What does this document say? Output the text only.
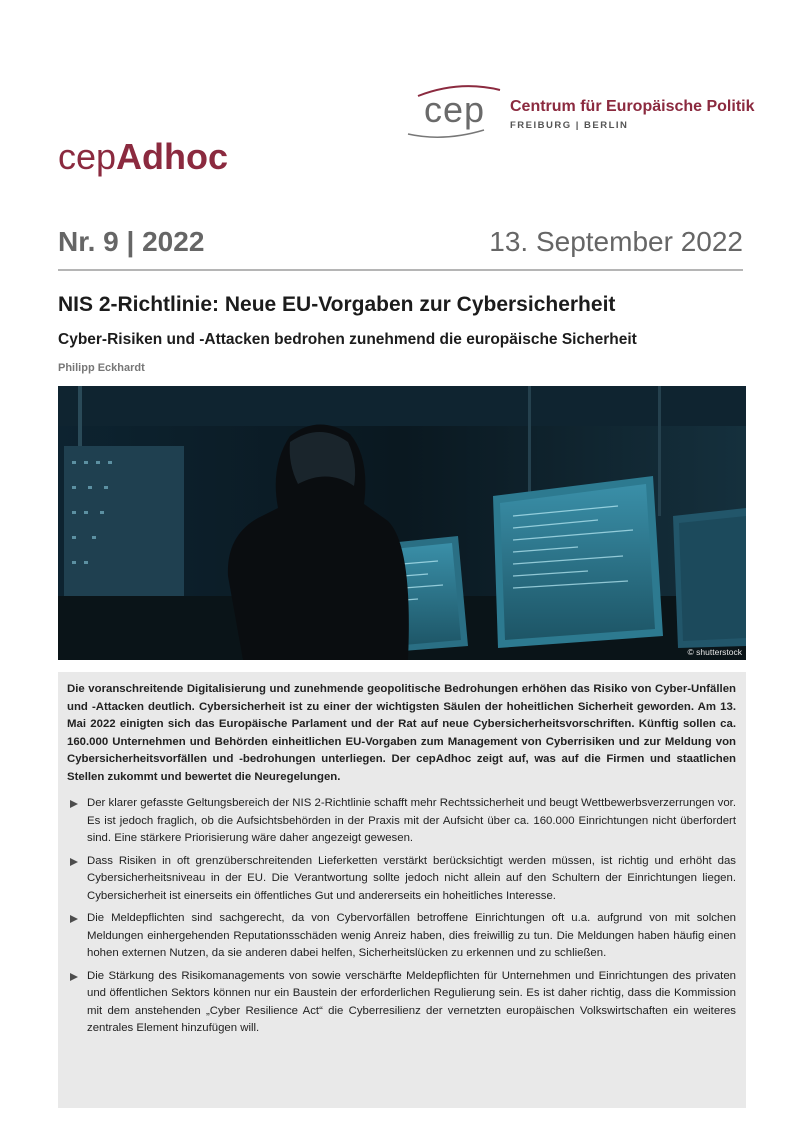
cep Centrum für Europäische Politik
FREIBURG | BERLIN
cepAdhoc
Nr. 9 | 2022	13. September 2022
NIS 2-Richtlinie: Neue EU-Vorgaben zur Cybersicherheit
Cyber-Risiken und -Attacken bedrohen zunehmend die europäische Sicherheit
Philipp Eckhardt
© shutterstock

Die voranschreitende Digitalisierung und zunehmende geopolitische Bedrohungen erhöhen das Risiko von Cyber-Unfällen und -Attacken deutlich. Cybersicherheit ist zu einer der wichtigsten Säulen der hoheitlichen Sicherheit geworden. Am 13. Mai 2022 einigten sich das Europäische Parlament und der Rat auf neue Cybersicherheitsvorschriften. Künftig sollen ca. 160.000 Unternehmen und Behörden einheitlichen EU-Vorgaben zum Management von Cyberrisiken und zur Meldung von Cybersicherheitsvorfällen und -bedrohungen unterliegen. Der cepAdhoc zeigt auf, was auf die Firmen und staatlichen Stellen zukommt und bewertet die Neuregelungen.

Der klarer gefasste Geltungsbereich der NIS 2-Richtlinie schafft mehr Rechtssicherheit und beugt Wettbewerbsverzerrungen vor. Es ist jedoch fraglich, ob die Aufsichtsbehörden in der Praxis mit der Aufsicht über ca. 160.000 Einrichtungen nicht überfordert sind. Eine stärkere Priorisierung wäre daher angezeigt gewesen.
Dass Risiken in oft grenzüberschreitenden Lieferketten verstärkt berücksichtigt werden müssen, ist richtig und erhöht das Cybersicherheitsniveau in der EU. Die Verantwortung sollte jedoch nicht allein auf den Schultern der Einrichtungen liegen. Cybersicherheit ist einerseits ein öffentliches Gut und andererseits ein hoheitliches Interesse.
Die Meldepflichten sind sachgerecht, da von Cybervorfällen betroffene Einrichtungen oft u.a. aufgrund von mit solchen Meldungen einhergehenden Reputationsschäden wenig Anreiz haben, dies freiwillig zu tun. Die Meldungen haben häufig einen hohen externen Nutzen, da sie anderen dabei helfen, Sicherheitslücken zu erkennen und zu schließen.
Die Stärkung des Risikomanagements von sowie verschärfte Meldepflichten für Unternehmen und Einrichtungen des privaten und öffentlichen Sektors können nur ein Baustein der erforderlichen Regulierung sein. Es ist daher richtig, dass die Kommission mit dem anstehenden „Cyber Resilience Act“ die Cyberresilienz der vernetzten europäischen Volkswirtschaften ein weiteres zentrales Element hinzufügen will.
